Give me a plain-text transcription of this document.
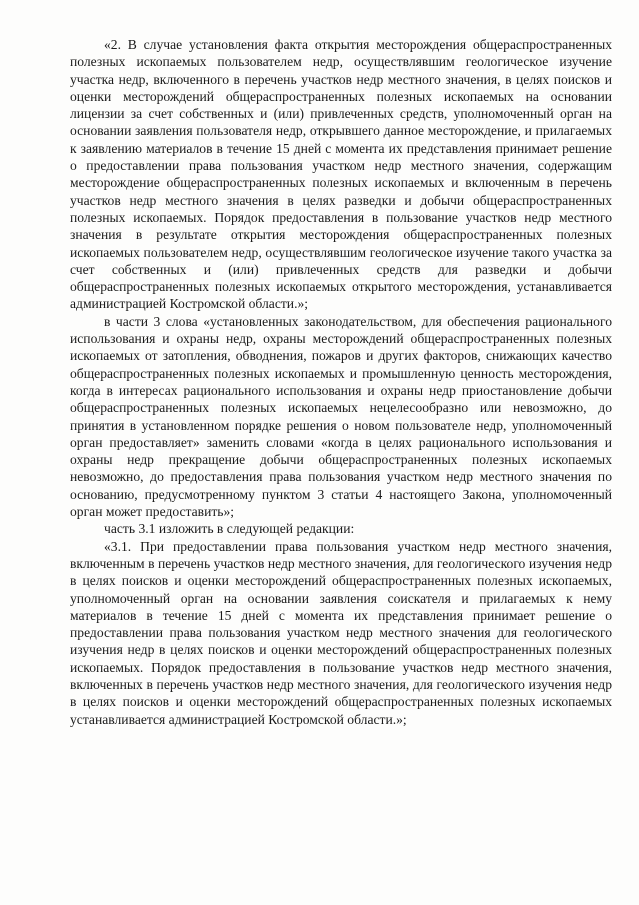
«2. В случае установления факта открытия месторождения общераспространенных полезных ископаемых пользователем недр, осуществлявшим геологическое изучение участка недр, включенного в перечень участков недр местного значения, в целях поисков и оценки месторождений общераспространенных полезных ископаемых на основании лицензии за счет собственных и (или) привлеченных средств, уполномоченный орган на основании заявления пользователя недр, открывшего данное месторождение, и прилагаемых к заявлению материалов в течение 15 дней с момента их представления принимает решение о предоставлении права пользования участком недр местного значения, содержащим месторождение общераспространенных полезных ископаемых и включенным в перечень участков недр местного значения в целях разведки и добычи общераспространенных полезных ископаемых. Порядок предоставления в пользование участков недр местного значения в результате открытия месторождения общераспространенных полезных ископаемых пользователем недр, осуществлявшим геологическое изучение такого участка за счет собственных и (или) привлеченных средств для разведки и добычи общераспространенных полезных ископаемых открытого месторождения, устанавливается администрацией Костромской области.»;

в части 3 слова «установленных законодательством, для обеспечения рационального использования и охраны недр, охраны месторождений общераспространенных полезных ископаемых от затопления, обводнения, пожаров и других факторов, снижающих качество общераспространенных полезных ископаемых и промышленную ценность месторождения, когда в интересах рационального использования и охраны недр приостановление добычи общераспространенных полезных ископаемых нецелесообразно или невозможно, до принятия в установленном порядке решения о новом пользователе недр, уполномоченный орган предоставляет» заменить словами «когда в целях рационального использования и охраны недр прекращение добычи общераспространенных полезных ископаемых невозможно, до предоставления права пользования участком недр местного значения по основанию, предусмотренному пунктом 3 статьи 4 настоящего Закона, уполномоченный орган может предоставить»;

часть 3.1 изложить в следующей редакции:

«3.1. При предоставлении права пользования участком недр местного значения, включенным в перечень участков недр местного значения, для геологического изучения недр в целях поисков и оценки месторождений общераспространенных полезных ископаемых, уполномоченный орган на основании заявления соискателя и прилагаемых к нему материалов в течение 15 дней с момента их представления принимает решение о предоставлении права пользования участком недр местного значения для геологического изучения недр в целях поисков и оценки месторождений общераспространенных полезных ископаемых. Порядок предоставления в пользование участков недр местного значения, включенных в перечень участков недр местного значения, для геологического изучения недр в целях поисков и оценки месторождений общераспространенных полезных ископаемых устанавливается администрацией Костромской области.»;
